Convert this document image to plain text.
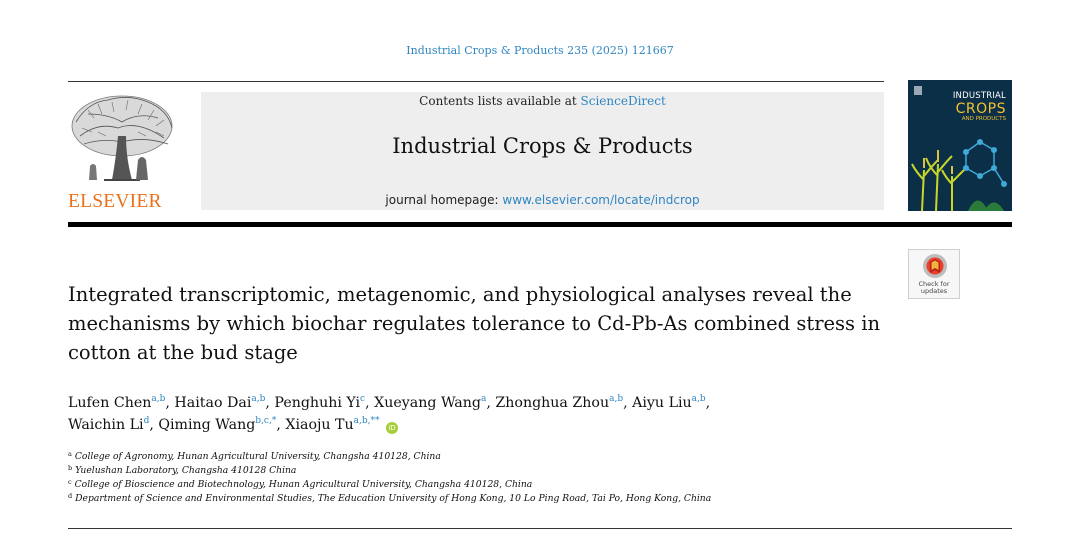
Industrial Crops & Products 235 (2025) 121667
ELSEVIER
Contents lists available at ScienceDirect
Industrial Crops & Products
journal homepage: www.elsevier.com/locate/indcrop
INDUSTRIAL
CROPS
AND PRODUCTS
Check for
updates
Integrated transcriptomic, metagenomic, and physiological analyses reveal the mechanisms by which biochar regulates tolerance to Cd-Pb-As combined stress in cotton at the bud stage
Lufen Chen$^{a,b}$, Haitao Dai$^{a,b}$, Penghuhi Yi$^c$, Xueyang Wang$^a$, Zhonghua Zhou$^{a,b}$, Aiyu Liu$^{a,b}$,
Waichin Li$^d$, Qiming Wang$^{b,c,*}$, Xiaoju $Tu^{a,b,**}$ iD
$^a$ College of Agronomy, Hunan Agricultural University, Changsha 410128, China
$^b$ Yuelushan Laboratory, Changsha 410128 China
$^c$ College of Bioscience and Biotechnology, Hunan Agricultural University, Changsha 410128, China
$^d$ Department of Science and Environmental Studies, The Education University of Hong Kong, 10 Lo Ping Road, Tai Po, Hong Kong, China
